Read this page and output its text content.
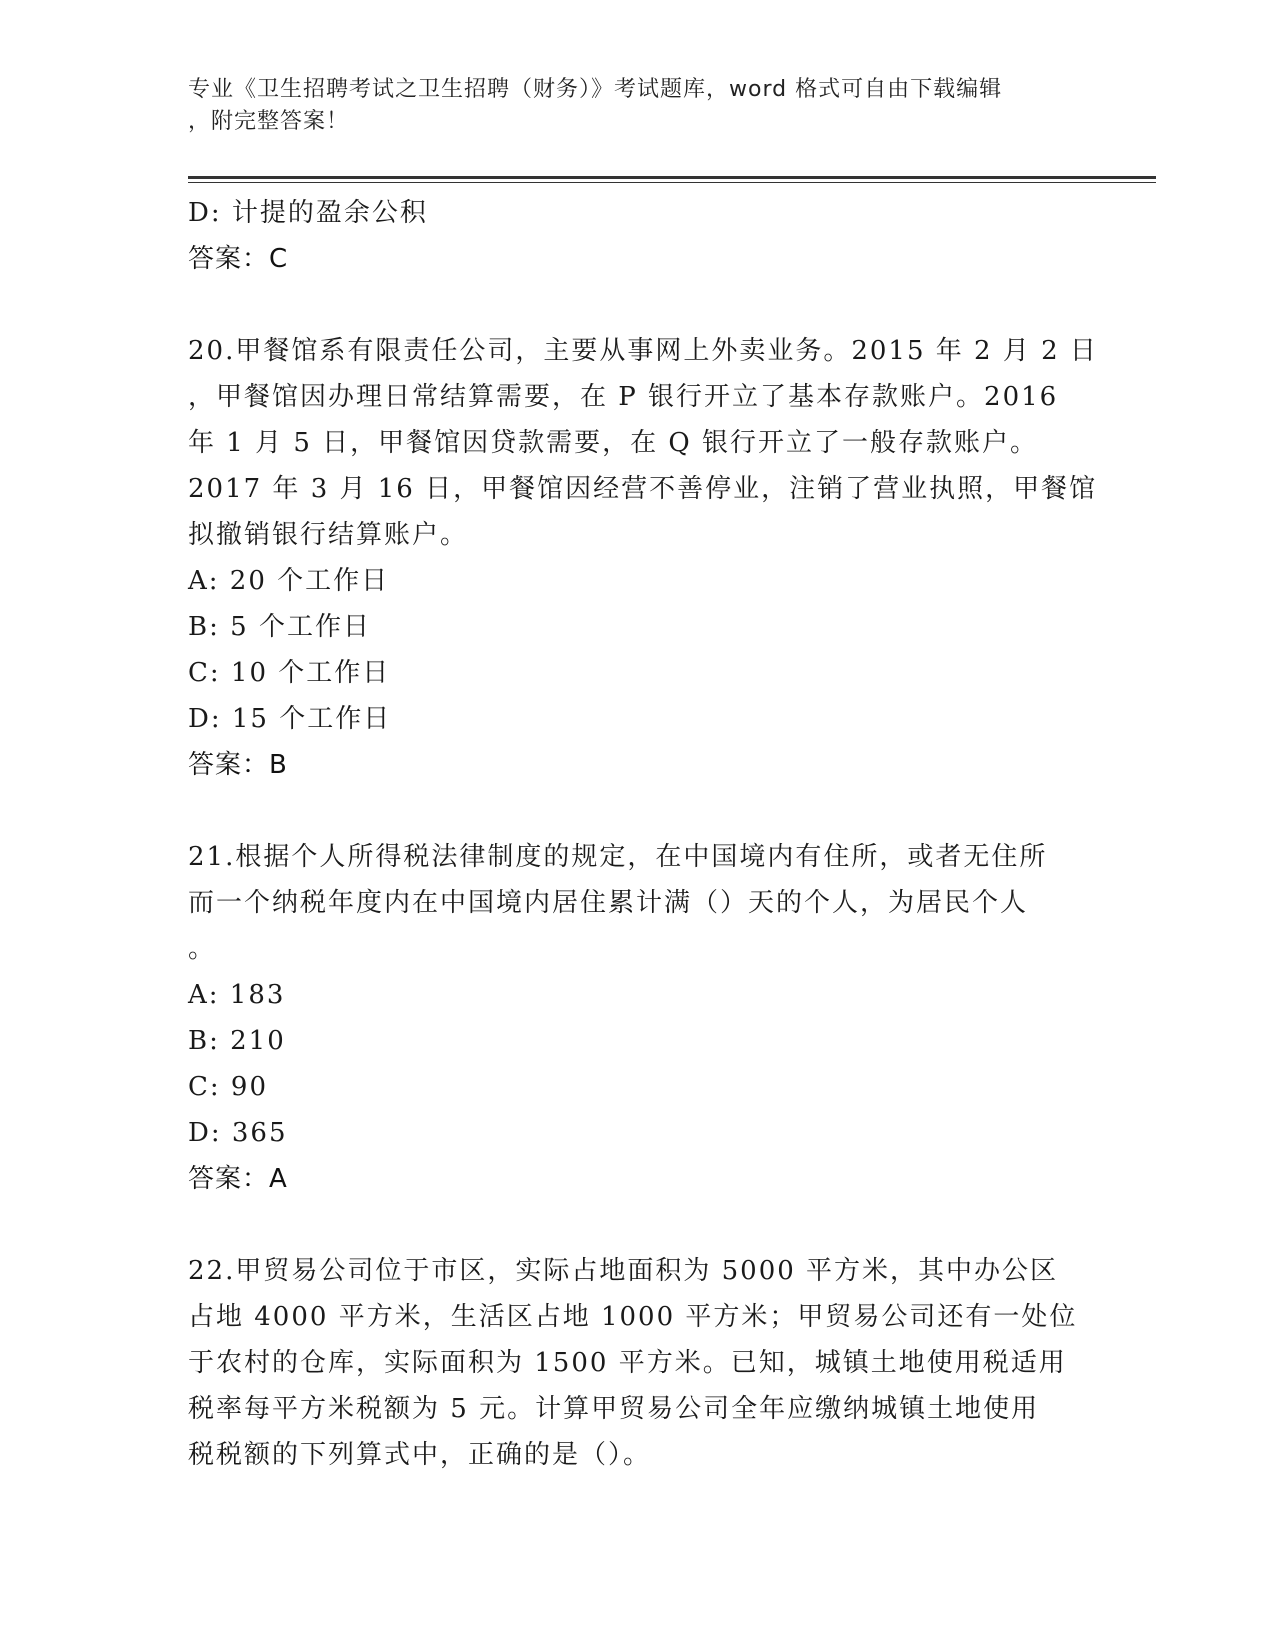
专业《卫生招聘考试之卫生招聘（财务）》考试题库，word 格式可自由下载编辑
，附完整答案！
D: 计提的盈余公积
答案：C
20.甲餐馆系有限责任公司，主要从事网上外卖业务。2015 年 2 月 2 日
，甲餐馆因办理日常结算需要，在 P 银行开立了基本存款账户。2016
年 1 月 5 日，甲餐馆因贷款需要，在 Q 银行开立了一般存款账户。
2017 年 3 月 16 日，甲餐馆因经营不善停业，注销了营业执照，甲餐馆
拟撤销银行结算账户。
A: 20 个工作日
B: 5 个工作日
C: 10 个工作日
D: 15 个工作日
答案：B
21.根据个人所得税法律制度的规定，在中国境内有住所，或者无住所
而一个纳税年度内在中国境内居住累计满（）天的个人，为居民个人
。
A: 183
B: 210
C: 90
D: 365
答案：A
22.甲贸易公司位于市区，实际占地面积为 5000 平方米，其中办公区
占地 4000 平方米，生活区占地 1000 平方米；甲贸易公司还有一处位
于农村的仓库，实际面积为 1500 平方米。已知，城镇土地使用税适用
税率每平方米税额为 5 元。计算甲贸易公司全年应缴纳城镇土地使用
税税额的下列算式中，正确的是（）。
